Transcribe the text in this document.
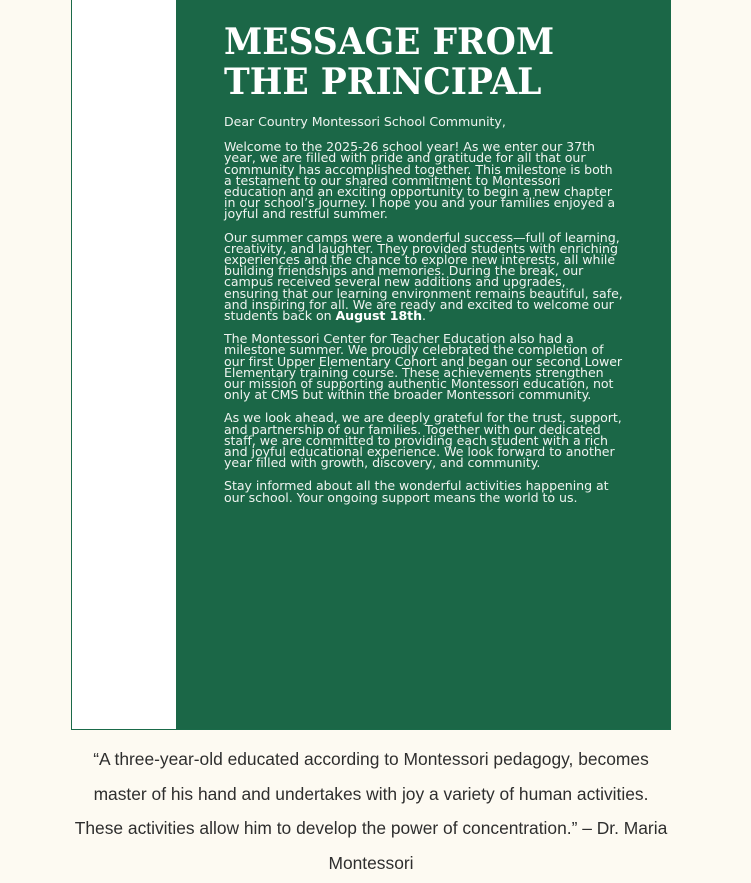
MESSAGE FROM
THE PRINCIPAL

Dear Country Montessori School Community,

Welcome to the 2025-26 school year! As we enter our 37th year, we are filled with pride and gratitude for all that our community has accomplished together. This milestone is both a testament to our shared commitment to Montessori education and an exciting opportunity to begin a new chapter in our school’s journey. I hope you and your families enjoyed a joyful and restful summer.

Our summer camps were a wonderful success—full of learning, creativity, and laughter. They provided students with enriching experiences and the chance to explore new interests, all while building friendships and memories. During the break, our campus received several new additions and upgrades, ensuring that our learning environment remains beautiful, safe, and inspiring for all. We are ready and excited to welcome our students back on August 18th.

The Montessori Center for Teacher Education also had a milestone summer. We proudly celebrated the completion of our first Upper Elementary Cohort and began our second Lower Elementary training course. These achievements strengthen our mission of supporting authentic Montessori education, not only at CMS but within the broader Montessori community.

As we look ahead, we are deeply grateful for the trust, support, and partnership of our families. Together with our dedicated staff, we are committed to providing each student with a rich and joyful educational experience. We look forward to another year filled with growth, discovery, and community.

Stay informed about all the wonderful activities happening at our school. Your ongoing support means the world to us.

“A three-year-old educated according to Montessori pedagogy, becomes master of his hand and undertakes with joy a variety of human activities. These activities allow him to develop the power of concentration.” – Dr. Maria Montessori
